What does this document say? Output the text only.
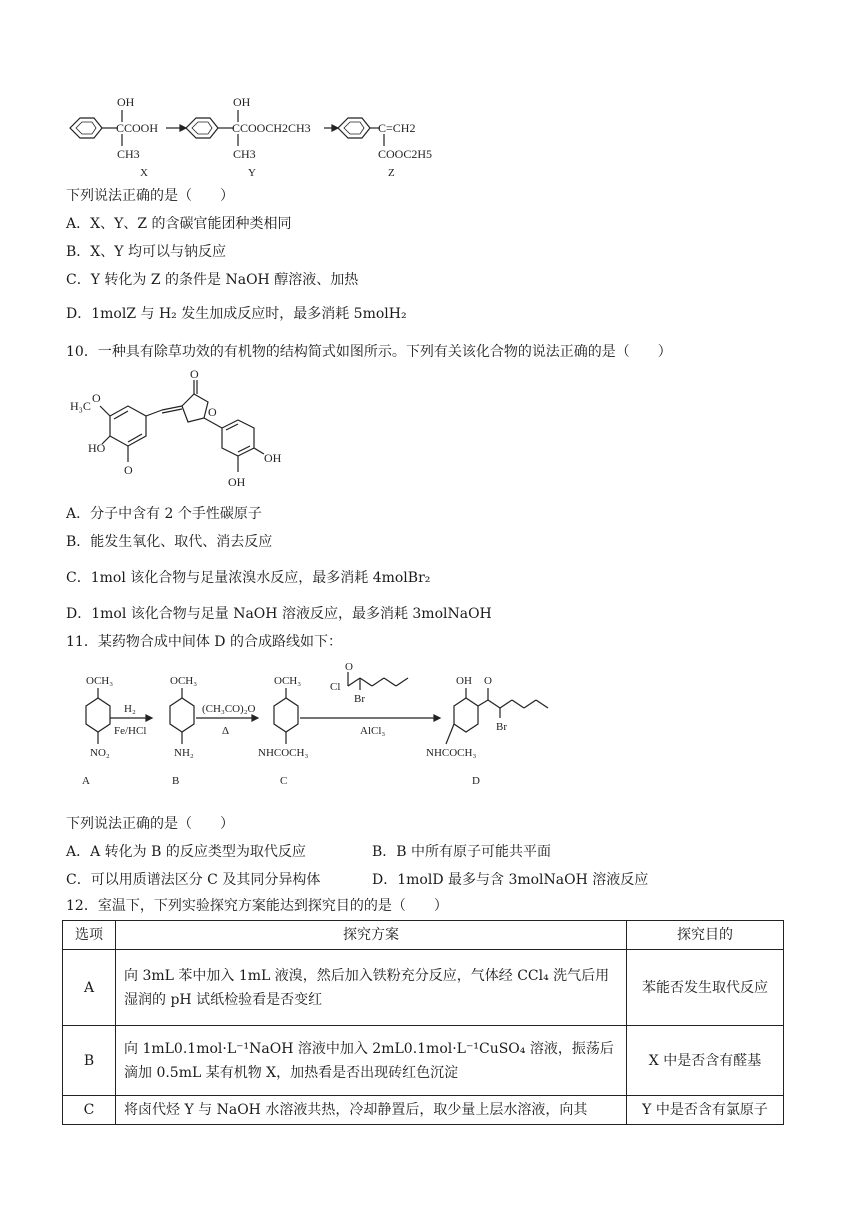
OH
CCOOH
CH3
X
OH
CCOOCH2CH3
CH3
Y
C=CH2
COOC2H5
Z
下列说法正确的是（　　）
A．X、Y、Z 的含碳官能团种类相同
B．X、Y 均可以与钠反应
C．Y 转化为 Z 的条件是 NaOH 醇溶液、加热
D．1molZ 与 H₂ 发生加成反应时，最多消耗 5molH₂
10．一种具有除草功效的有机物的结构简式如图所示。下列有关该化合物的说法正确的是（　　）
O
O
H₃C
O
HO
O
OH
OH
A．分子中含有 2 个手性碳原子
B．能发生氧化、取代、消去反应
C．1mol 该化合物与足量浓溴水反应，最多消耗 4molBr₂
D．1mol 该化合物与足量 NaOH 溶液反应，最多消耗 3molNaOH
11．某药物合成中间体 D 的合成路线如下：
OCH₃
NO₂
A
H₂
Fe/HCl
OCH₃
NH₂
B
(CH₃CO)₂O
Δ
OCH₃
NHCOCH₃
C
O
Cl
Br
AlCl₃
OH O
Br
NHCOCH₃
D
下列说法正确的是（　　）
A．A 转化为 B 的反应类型为取代反应	B．B 中所有原子可能共平面
C．可以用质谱法区分 C 及其同分异构体	D．1molD 最多与含 3molNaOH 溶液反应
12．室温下，下列实验探究方案能达到探究目的的是（　　）
选项	探究方案	探究目的
A	向 3mL 苯中加入 1mL 液溴，然后加入铁粉充分反应，气体经 CCl₄ 洗气后用湿润的 pH 试纸检验看是否变红	苯能否发生取代反应
B	向 1mL0.1mol·L⁻¹NaOH 溶液中加入 2mL0.1mol·L⁻¹CuSO₄ 溶液，振荡后滴加 0.5mL 某有机物 X，加热看是否出现砖红色沉淀	X 中是否含有醛基
C	将卤代烃 Y 与 NaOH 水溶液共热，冷却静置后，取少量上层水溶液，向其	Y 中是否含有氯原子
